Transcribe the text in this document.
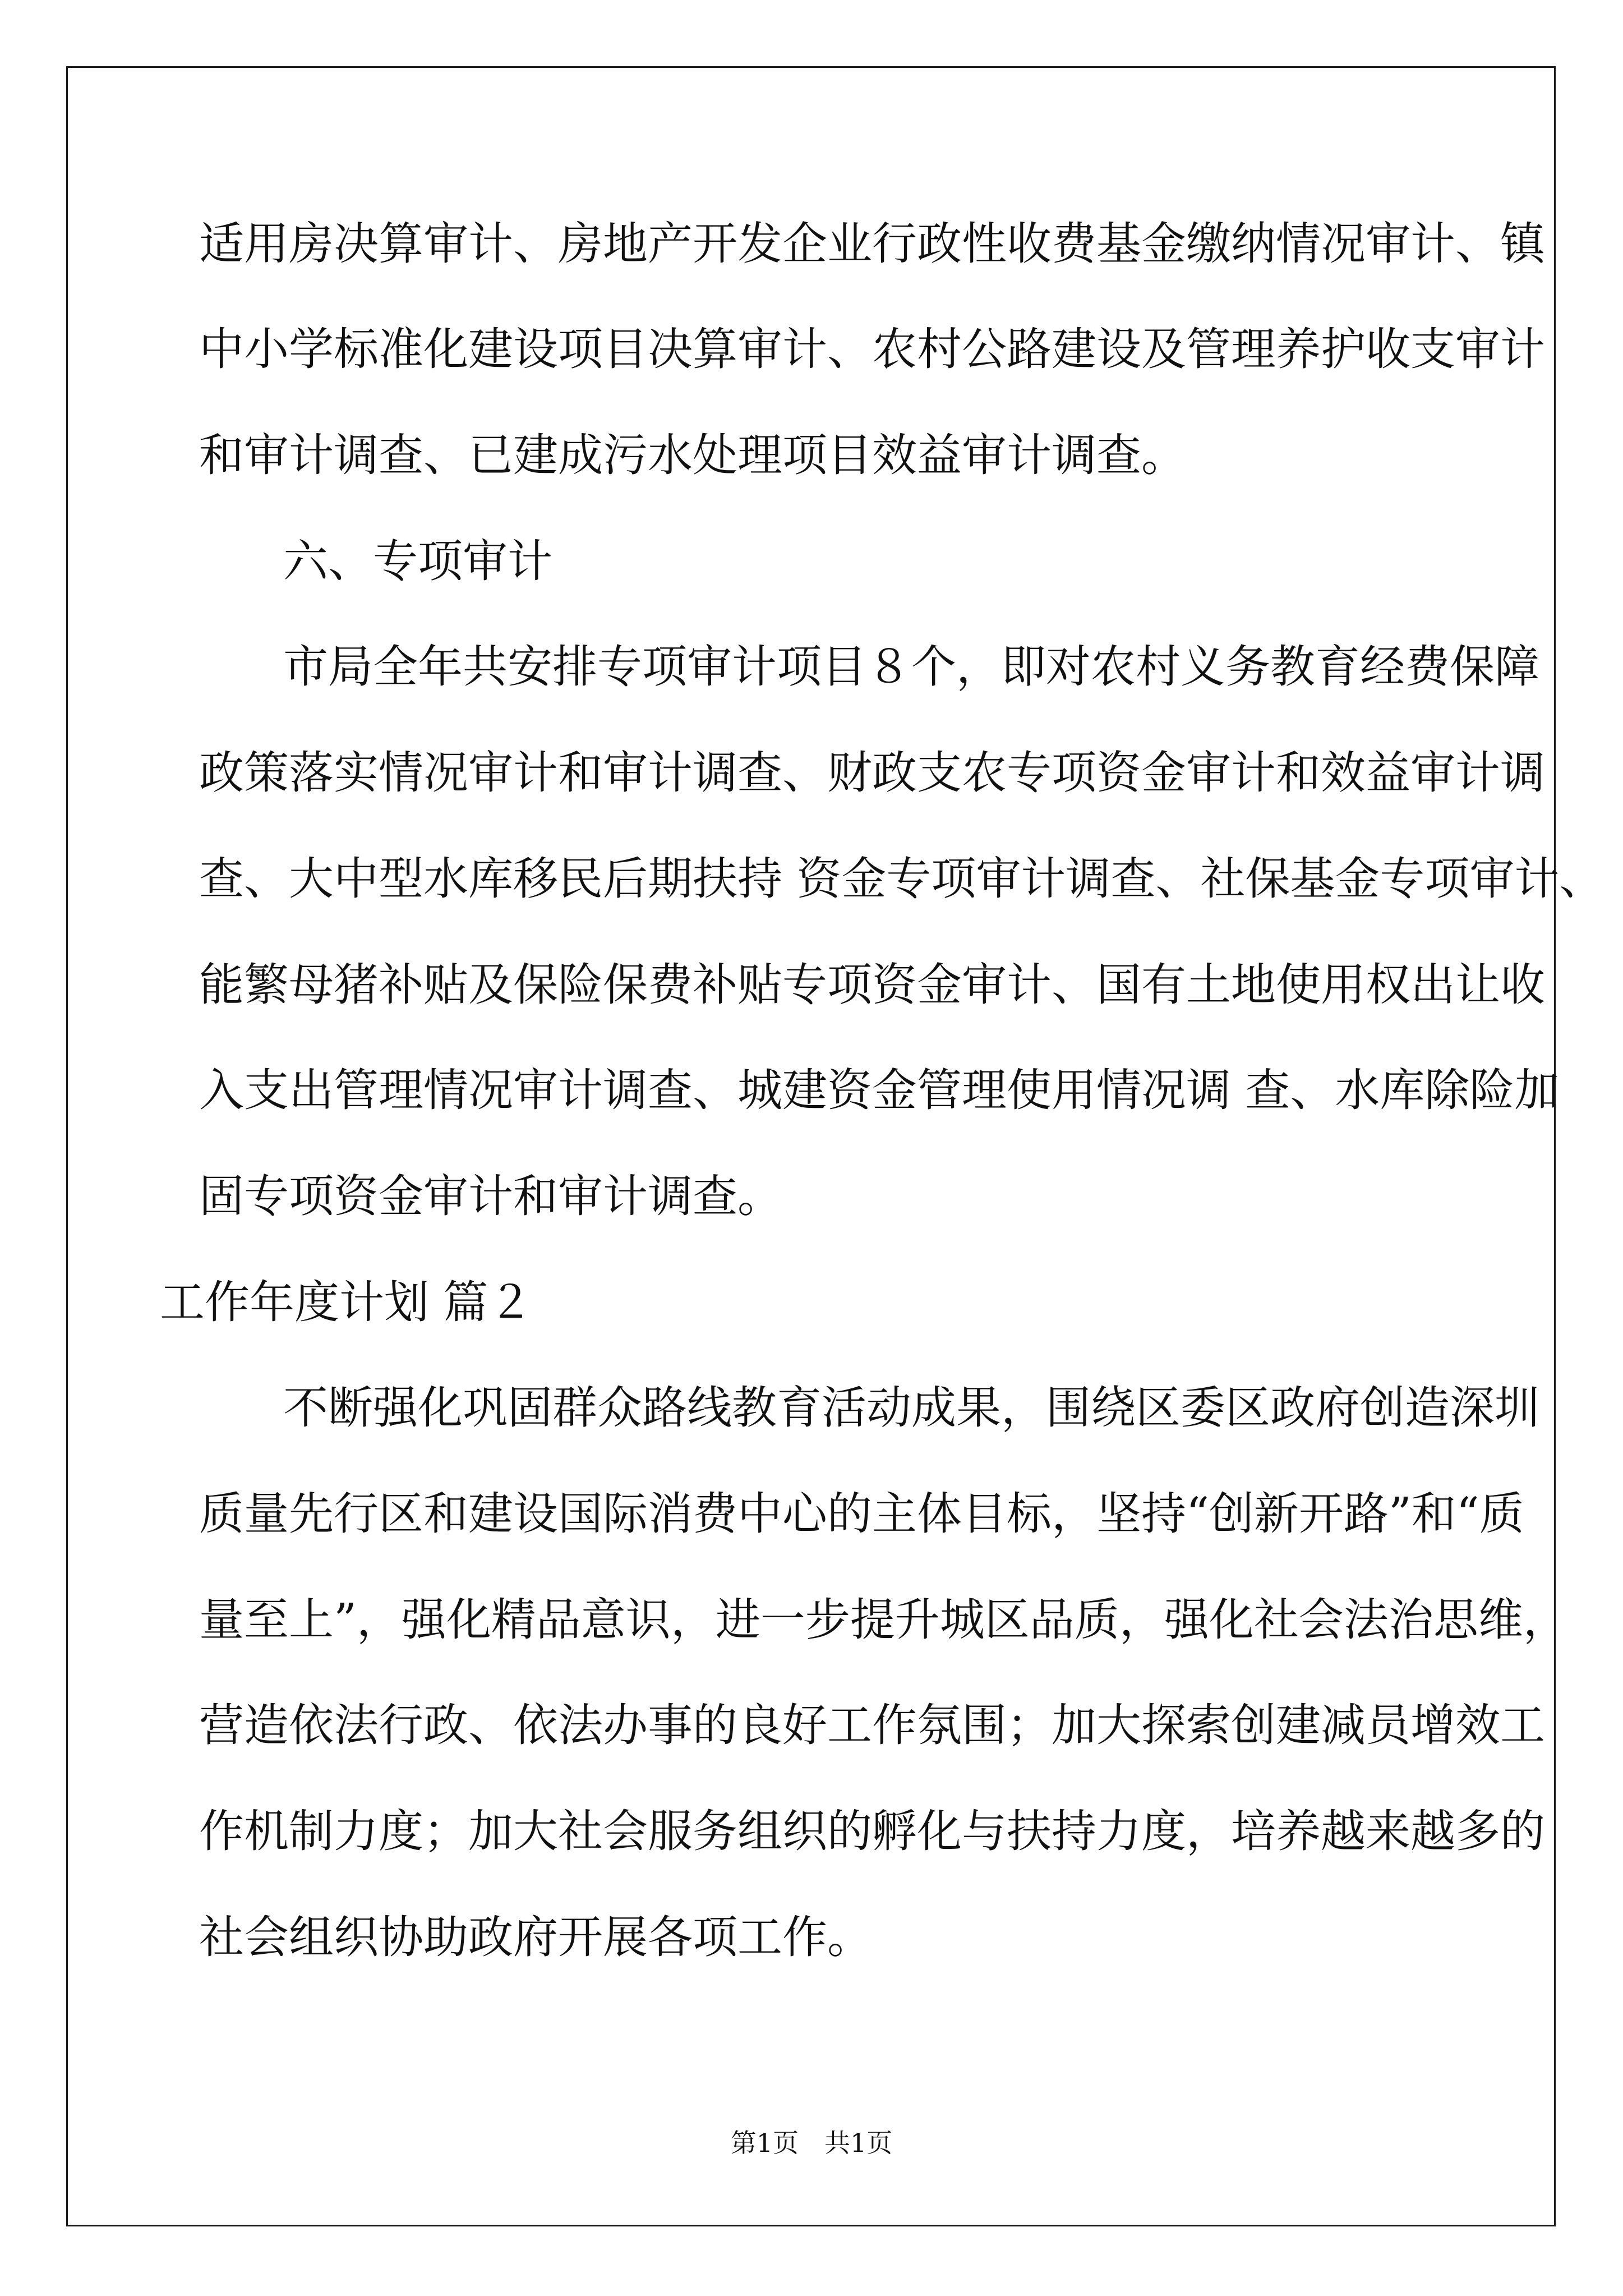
适用房决算审计、房地产开发企业行政性收费基金缴纳情况审计、镇
中小学标准化建设项目决算审计、农村公路建设及管理养护收支审计
和审计调查、已建成污水处理项目效益审计调查。
六、专项审计
市局全年共安排专项审计项目８个，即对农村义务教育经费保障
政策落实情况审计和审计调查、财政支农专项资金审计和效益审计调
查、大中型水库移民后期扶持 资金专项审计调查、社保基金专项审计、
能繁母猪补贴及保险保费补贴专项资金审计、国有土地使用权出让收
入支出管理情况审计调查、城建资金管理使用情况调 查、水库除险加
固专项资金审计和审计调查。
工作年度计划 篇２
不断强化巩固群众路线教育活动成果，围绕区委区政府创造深圳
质量先行区和建设国际消费中心的主体目标，坚持“创新开路”和“质
量至上”，强化精品意识，进一步提升城区品质，强化社会法治思维，
营造依法行政、依法办事的良好工作氛围；加大探索创建减员增效工
作机制力度；加大社会服务组织的孵化与扶持力度，培养越来越多的
社会组织协助政府开展各项工作。
第1页　共1页
